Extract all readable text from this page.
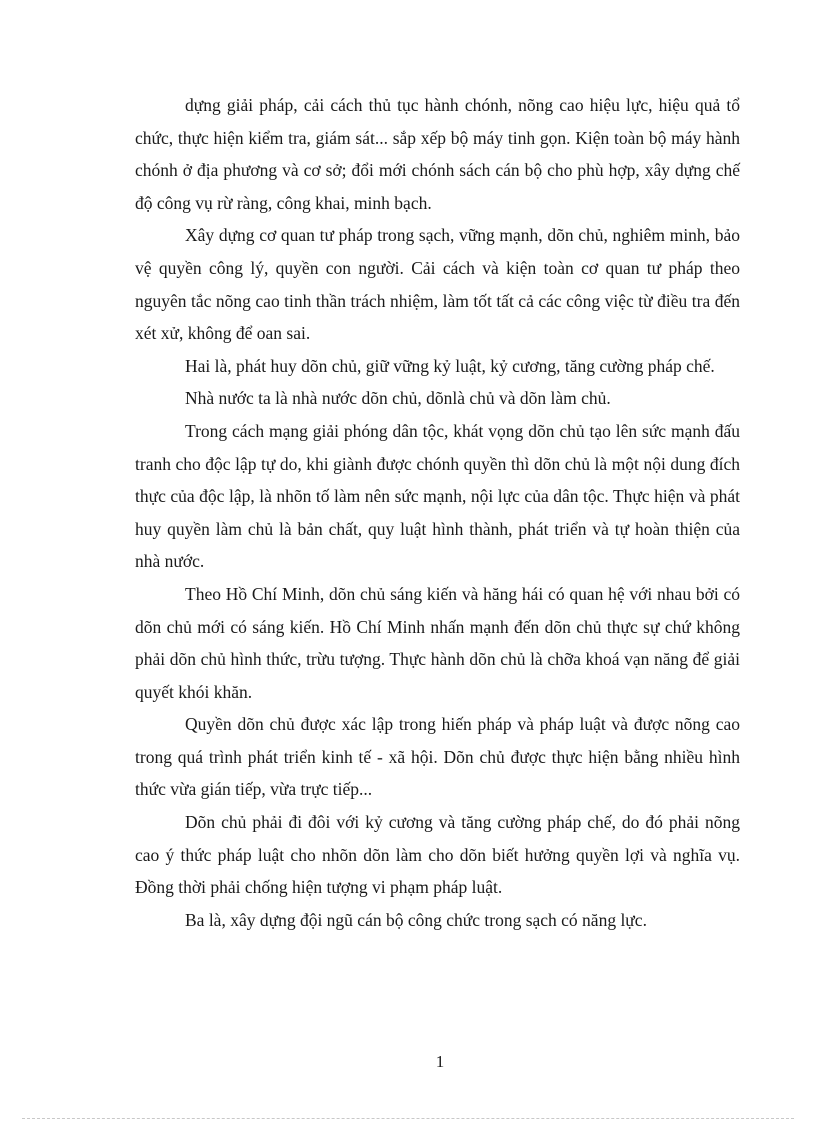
dựng giải pháp, cải cách thủ tục hành chónh, nõng cao hiệu lực, hiệu quả tổ chức, thực hiện kiểm tra, giám sát... sắp xếp bộ máy tinh gọn. Kiện toàn bộ máy hành chónh ở địa phương và cơ sở; đổi mới chónh sách cán bộ cho phù hợp, xây dựng chế độ công vụ rừ ràng, công khai, minh bạch.

Xây dựng cơ quan tư pháp trong sạch, vững mạnh, dõn chủ, nghiêm minh, bảo vệ quyền công lý, quyền con người. Cải cách và kiện toàn cơ quan tư pháp theo nguyên tắc nõng cao tinh thần trách nhiệm, làm tốt tất cả các công việc từ điều tra đến xét xử, không để oan sai.

Hai là, phát huy dõn chủ, giữ vững kỷ luật, kỷ cương, tăng cường pháp chế.

Nhà nước ta là nhà nước dõn chủ, dõnlà chủ và dõn làm chủ.

Trong cách mạng giải phóng dân tộc, khát vọng dõn chủ tạo lên sức mạnh đấu tranh cho độc lập tự do, khi giành được chónh quyền thì dõn chủ là một nội dung đích thực của độc lập, là nhõn tố làm nên sức mạnh, nội lực của dân tộc. Thực hiện và phát huy quyền làm chủ là bản chất, quy luật hình thành, phát triển và tự hoàn thiện của nhà nước.

Theo Hồ Chí Minh, dõn chủ sáng kiến và hăng hái có quan hệ với nhau bởi có dõn chủ mới có sáng kiến. Hồ Chí Minh nhấn mạnh đến dõn chủ thực sự chứ không phải dõn chủ hình thức, trừu tượng. Thực hành dõn chủ là chỡa khoá vạn năng để giải quyết khói khăn.

Quyền dõn chủ được xác lập trong hiến pháp và pháp luật và được nõng cao trong quá trình phát triển kinh tế - xã hội. Dõn chủ được thực hiện bằng nhiều hình thức vừa gián tiếp, vừa trực tiếp...

Dõn chủ phải đi đôi với kỷ cương và tăng cường pháp chế, do đó phải nõng cao ý thức pháp luật cho nhõn dõn làm cho dõn biết hưởng quyền lợi và nghĩa vụ. Đồng thời phải chống hiện tượng vi phạm pháp luật.

Ba là, xây dựng đội ngũ cán bộ công chức trong sạch có năng lực.

1
